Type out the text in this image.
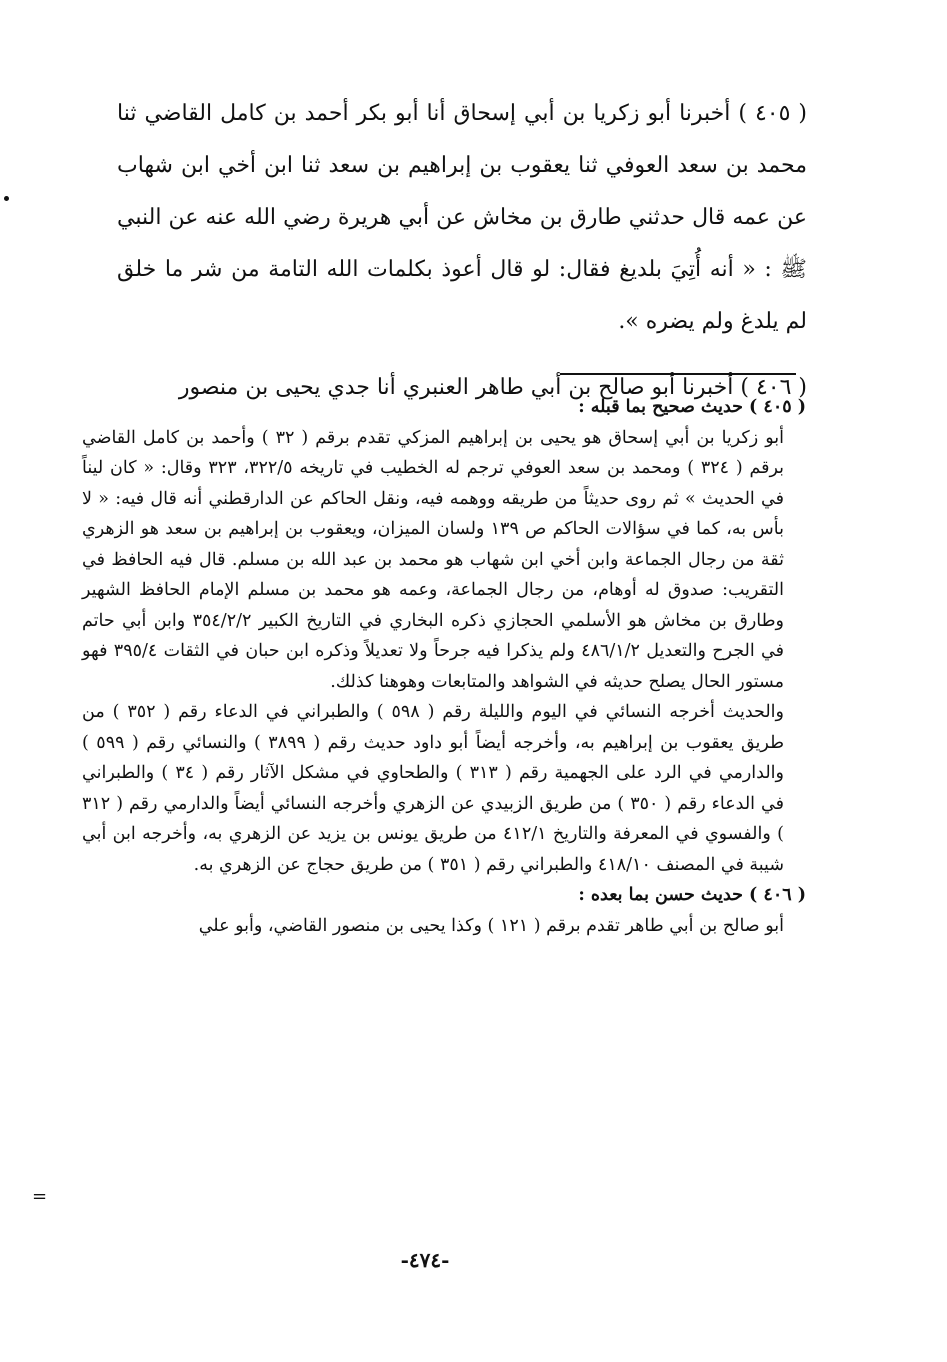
( ٤٠٥ ) أخبرنا أبو زكريا بن أبي إسحاق أنا أبو بكر أحمد بن كامل القاضي ثنا محمد بن سعد العوفي ثنا يعقوب بن إبراهيم بن سعد ثنا ابن أخي ابن شهاب عن عمه قال حدثني طارق بن مخاش عن أبي هريرة رضي الله عنه عن النبي ﷺ : « أنه أُتِيَ بلديغ فقال: لو قال أعوذ بكلمات الله التامة من شر ما خلق لم يلدغ ولم يضره ».

( ٤٠٦ ) أخبرنا أبو صالح بن أبي طاهر العنبري أنا جدي يحيى بن منصور

( ٤٠٥ ) حديث صحيح بما قبله :

أبو زكريا بن أبي إسحاق هو يحيى بن إبراهيم المزكي تقدم برقم ( ٣٢ ) وأحمد بن كامل القاضي برقم ( ٣٢٤ ) ومحمد بن سعد العوفي ترجم له الخطيب في تاريخه ٣٢٢/٥، ٣٢٣ وقال: « كان ليناً في الحديث » ثم روى حديثاً من طريقه ووهمه فيه، ونقل الحاكم عن الدارقطني أنه قال فيه: « لا بأس به، كما في سؤالات الحاكم ص ١٣٩ ولسان الميزان، ويعقوب بن إبراهيم بن سعد هو الزهري ثقة من رجال الجماعة وابن أخي ابن شهاب هو محمد بن عبد الله بن مسلم. قال فيه الحافظ في التقريب: صدوق له أوهام، من رجال الجماعة، وعمه هو محمد بن مسلم الإمام الحافظ الشهير وطارق بن مخاش هو الأسلمي الحجازي ذكره البخاري في التاريخ الكبير ٣٥٤/٢/٢ وابن أبي حاتم في الجرح والتعديل ٤٨٦/١/٢ ولم يذكرا فيه جرحاً ولا تعديلاً وذكره ابن حبان في الثقات ٣٩٥/٤ فهو مستور الحال يصلح حديثه في الشواهد والمتابعات وهوهنا كذلك.

والحديث أخرجه النسائي في اليوم والليلة رقم ( ٥٩٨ ) والطبراني في الدعاء رقم ( ٣٥٢ ) من طريق يعقوب بن إبراهيم به، وأخرجه أيضاً أبو داود حديث رقم ( ٣٨٩٩ ) والنسائي رقم ( ٥٩٩ ) والدارمي في الرد على الجهمية رقم ( ٣١٣ ) والطحاوي في مشكل الآثار رقم ( ٣٤ ) والطبراني في الدعاء رقم ( ٣٥٠ ) من طريق الزبيدي عن الزهري وأخرجه النسائي أيضاً والدارمي رقم ( ٣١٢ ) والفسوي في المعرفة والتاريخ ٤١٢/١ من طريق يونس بن يزيد عن الزهري به، وأخرجه ابن أبي شيبة في المصنف ٤١٨/١٠ والطبراني رقم ( ٣٥١ ) من طريق حجاج عن الزهري به.

( ٤٠٦ ) حديث حسن بما بعده :

أبو صالح بن أبي طاهر تقدم برقم ( ١٢١ ) وكذا يحيى بن منصور القاضي، وأبو علي

=
-٤٧٤-
